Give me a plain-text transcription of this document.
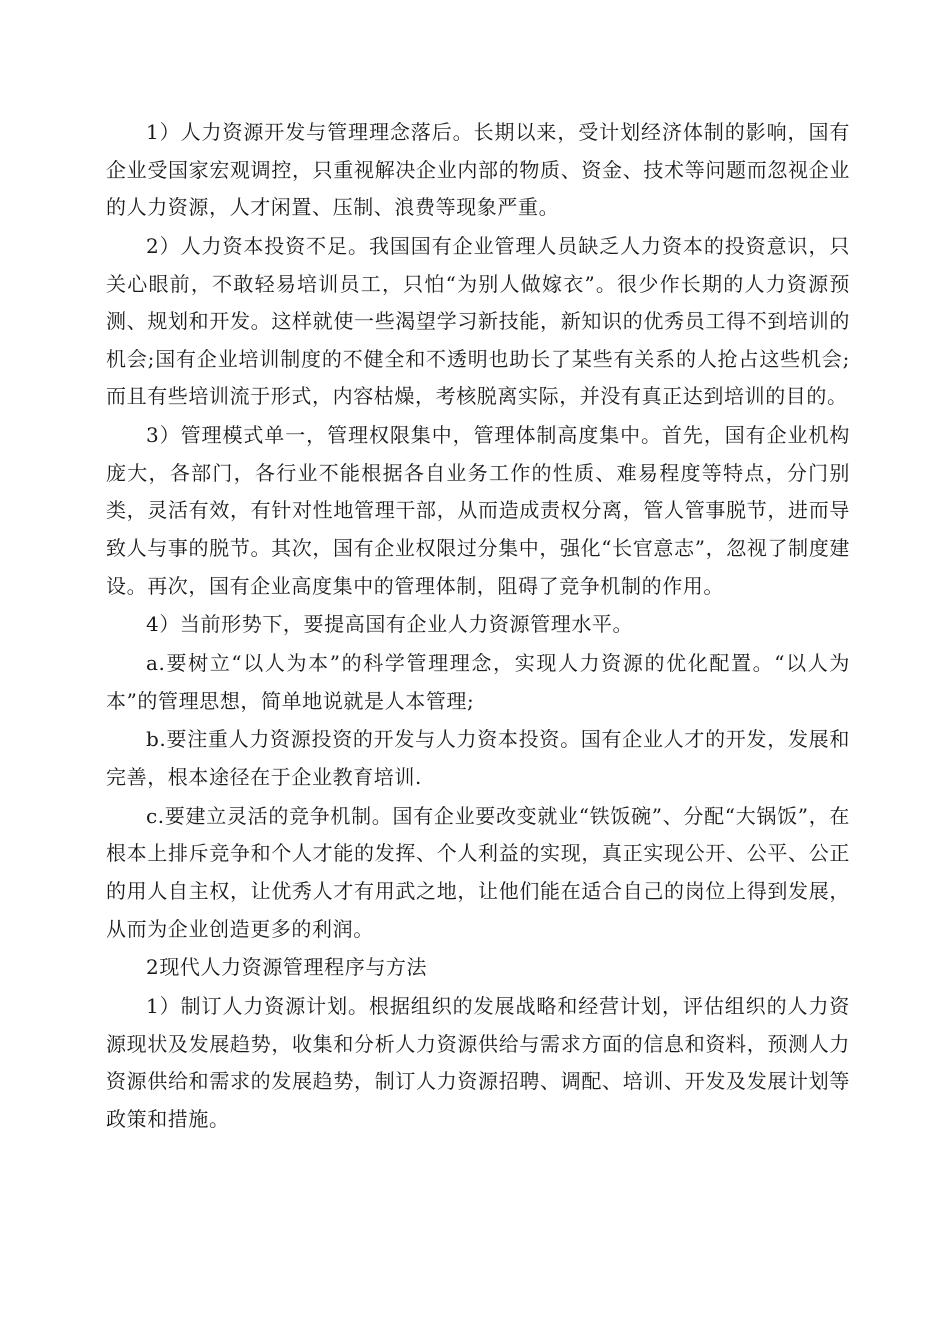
1）人力资源开发与管理理念落后。长期以来，受计划经济体制的影响，国有企业受国家宏观调控，只重视解决企业内部的物质、资金、技术等问题而忽视企业的人力资源，人才闲置、压制、浪费等现象严重。

2）人力资本投资不足。我国国有企业管理人员缺乏人力资本的投资意识，只关心眼前，不敢轻易培训员工，只怕“为别人做嫁衣”。很少作长期的人力资源预测、规划和开发。这样就使一些渴望学习新技能，新知识的优秀员工得不到培训的机会;国有企业培训制度的不健全和不透明也助长了某些有关系的人抢占这些机会;而且有些培训流于形式，内容枯燥，考核脱离实际，并没有真正达到培训的目的。

3）管理模式单一，管理权限集中，管理体制高度集中。首先，国有企业机构庞大，各部门，各行业不能根据各自业务工作的性质、难易程度等特点，分门别类，灵活有效，有针对性地管理干部，从而造成责权分离，管人管事脱节，进而导致人与事的脱节。其次，国有企业权限过分集中，强化“长官意志”，忽视了制度建设。再次，国有企业高度集中的管理体制，阻碍了竞争机制的作用。

4）当前形势下，要提高国有企业人力资源管理水平。

a.要树立“以人为本”的科学管理理念，实现人力资源的优化配置。“以人为本”的管理思想，简单地说就是人本管理;

b.要注重人力资源投资的开发与人力资本投资。国有企业人才的开发，发展和完善，根本途径在于企业教育培训.

c.要建立灵活的竞争机制。国有企业要改变就业“铁饭碗”、分配“大锅饭”，在根本上排斥竞争和个人才能的发挥、个人利益的实现，真正实现公开、公平、公正的用人自主权，让优秀人才有用武之地，让他们能在适合自己的岗位上得到发展，从而为企业创造更多的利润。

2现代人力资源管理程序与方法

1）制订人力资源计划。根据组织的发展战略和经营计划，评估组织的人力资源现状及发展趋势，收集和分析人力资源供给与需求方面的信息和资料，预测人力资源供给和需求的发展趋势，制订人力资源招聘、调配、培训、开发及发展计划等政策和措施。
